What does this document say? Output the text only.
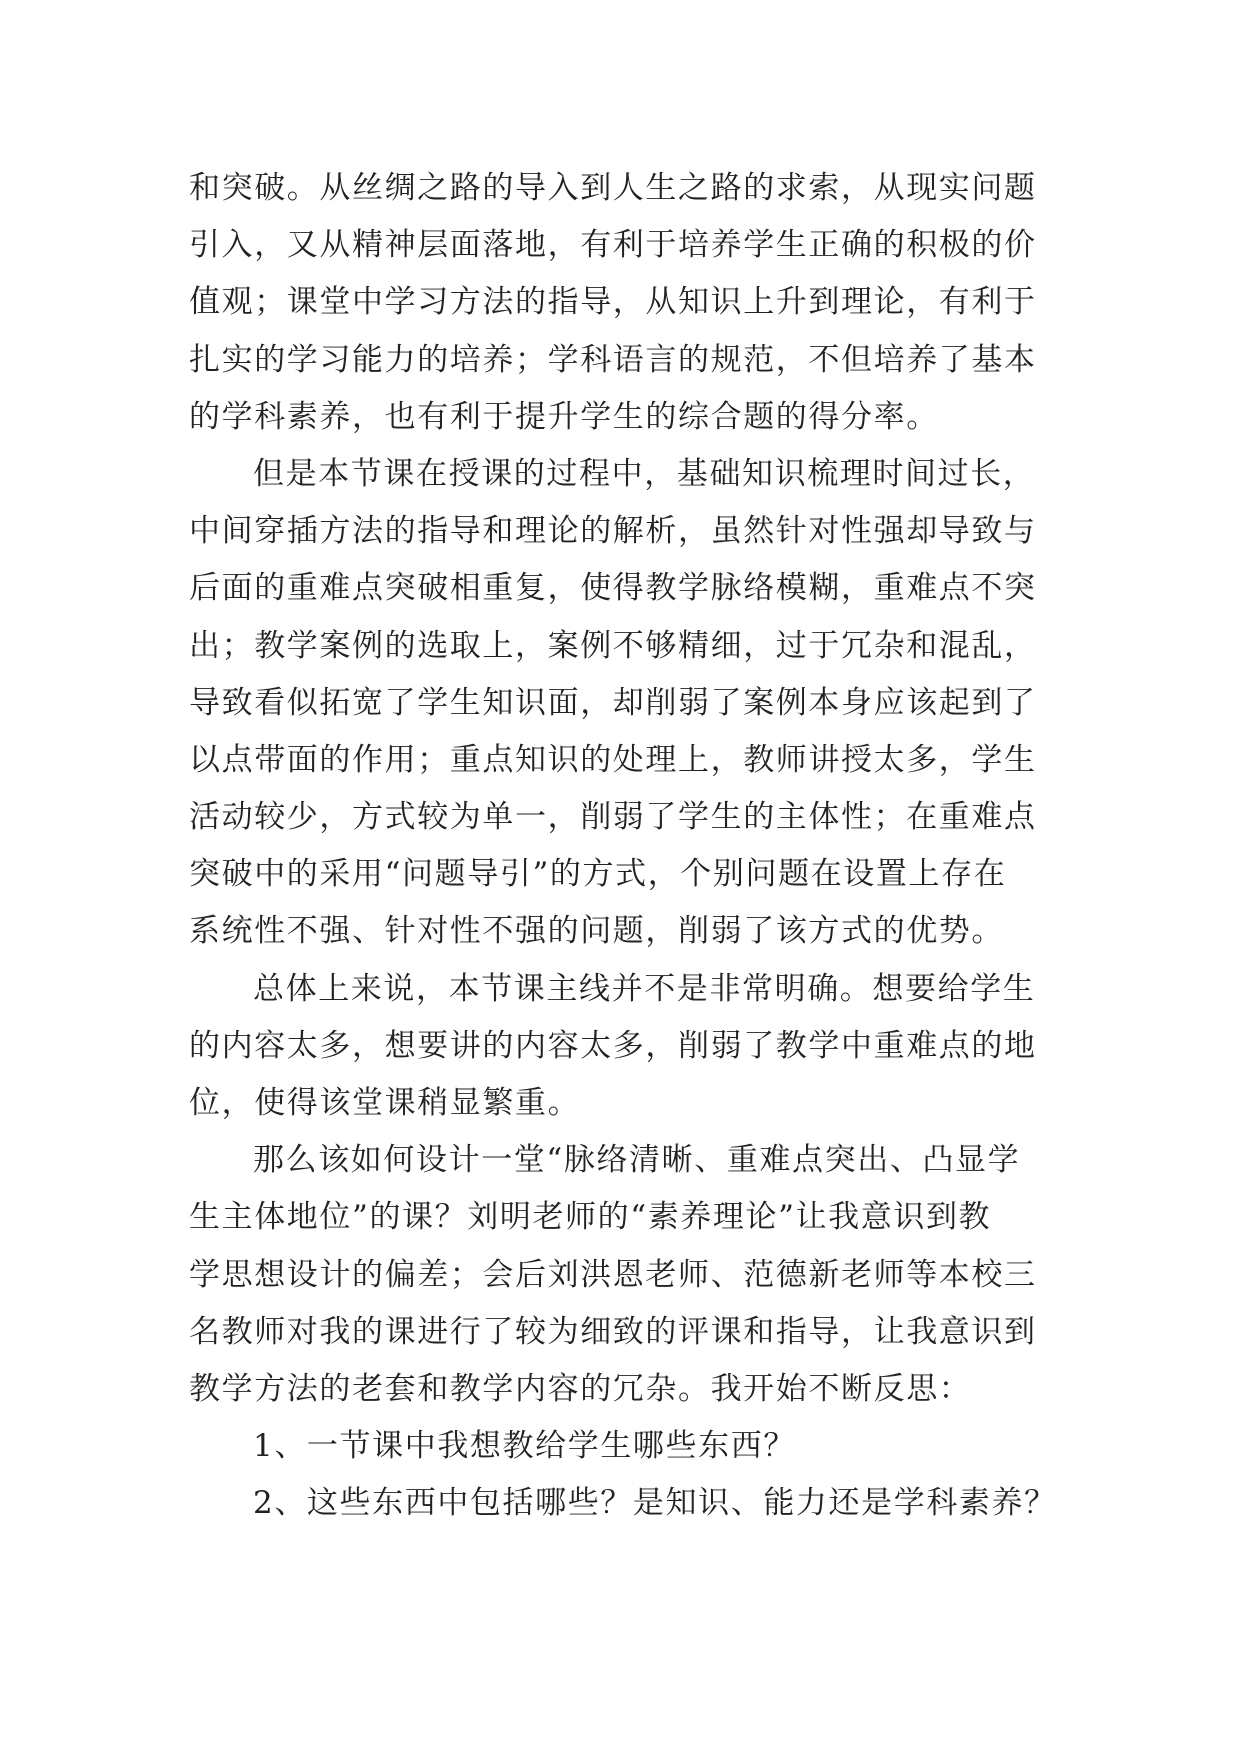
和突破。从丝绸之路的导入到人生之路的求索，从现实问题
引入，又从精神层面落地，有利于培养学生正确的积极的价
值观；课堂中学习方法的指导，从知识上升到理论，有利于
扎实的学习能力的培养；学科语言的规范，不但培养了基本
的学科素养，也有利于提升学生的综合题的得分率。
但是本节课在授课的过程中，基础知识梳理时间过长，
中间穿插方法的指导和理论的解析，虽然针对性强却导致与
后面的重难点突破相重复，使得教学脉络模糊，重难点不突
出；教学案例的选取上，案例不够精细，过于冗杂和混乱，
导致看似拓宽了学生知识面，却削弱了案例本身应该起到了
以点带面的作用；重点知识的处理上，教师讲授太多，学生
活动较少，方式较为单一，削弱了学生的主体性；在重难点
突破中的采用“问题导引”的方式，个别问题在设置上存在
系统性不强、针对性不强的问题，削弱了该方式的优势。
总体上来说，本节课主线并不是非常明确。想要给学生
的内容太多，想要讲的内容太多，削弱了教学中重难点的地
位，使得该堂课稍显繁重。
那么该如何设计一堂“脉络清晰、重难点突出、凸显学
生主体地位”的课？刘明老师的“素养理论”让我意识到教
学思想设计的偏差；会后刘洪恩老师、范德新老师等本校三
名教师对我的课进行了较为细致的评课和指导，让我意识到
教学方法的老套和教学内容的冗杂。我开始不断反思：
1、一节课中我想教给学生哪些东西？
2、这些东西中包括哪些？是知识、能力还是学科素养？
